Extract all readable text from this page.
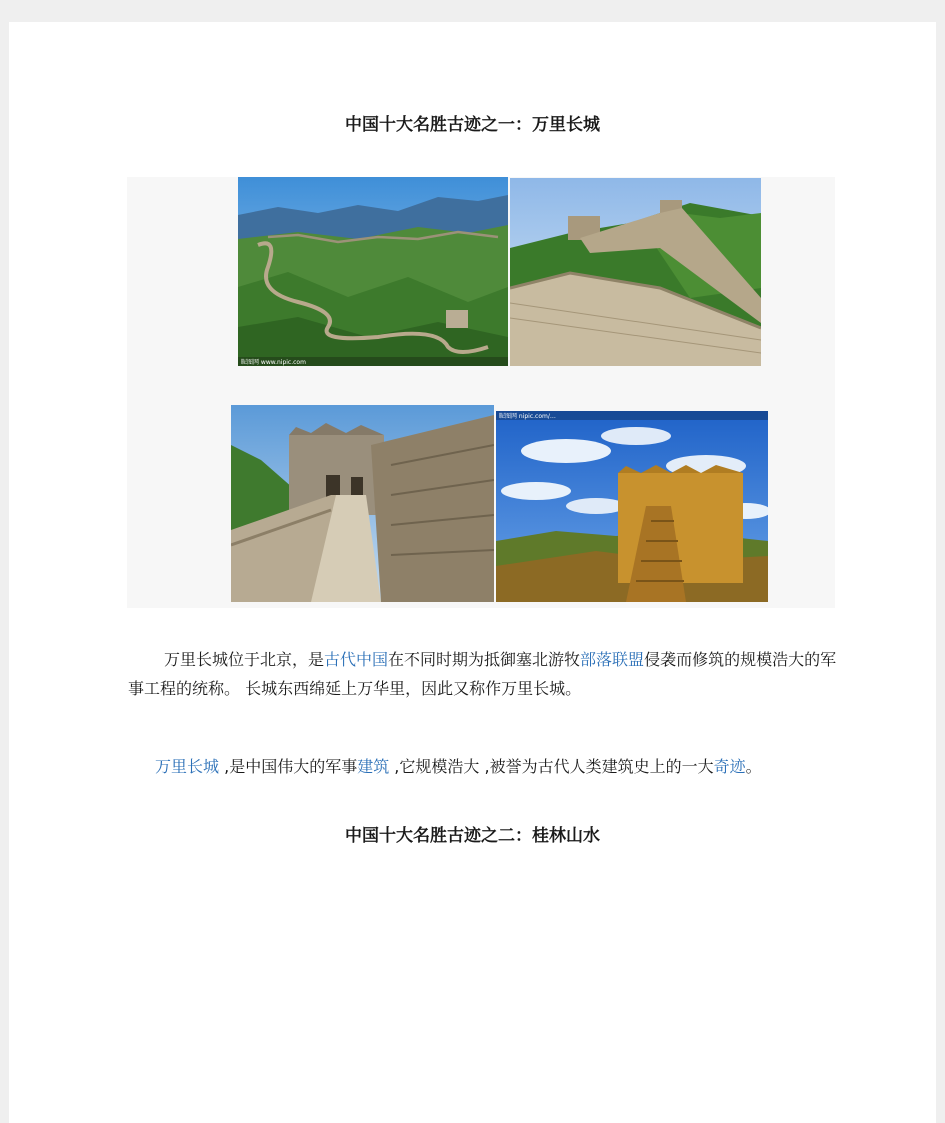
中国十大名胜古迹之一：万里长城
昵图网 www.nipic.com
昵图网 nipic.com/…

万里长城位于北京，是古代中国在不同时期为抵御塞北游牧部落联盟侵袭而修筑的规模浩大的军事工程的统称。 长城东西绵延上万华里，因此又称作万里长城。

万里长城 ,是中国伟大的军事建筑 ,它规模浩大 ,被誉为古代人类建筑史上的一大奇迹。

中国十大名胜古迹之二：桂林山水
